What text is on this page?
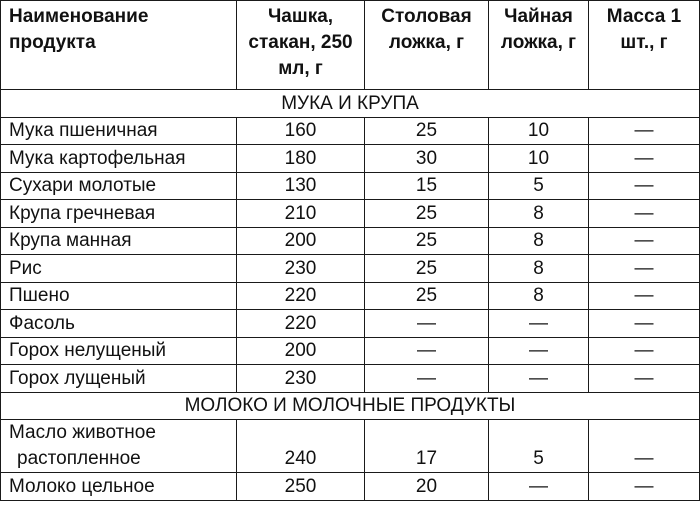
Наименование продукта	Чашка, стакан, 250 мл, г	Столовая ложка, г	Чайная ложка, г	Масса 1 шт., г
МУКА И КРУПА				
Мука пшеничная	160	25	10	—
Мука картофельная	180	30	10	—
Сухари молотые	130	15	5	—
Крупа гречневая	210	25	8	—
Крупа манная	200	25	8	—
Рис	230	25	8	—
Пшено	220	25	8	—
Фасоль	220	—	—	—
Горох нелущеный	200	—	—	—
Горох лущеный	230	—	—	—
МОЛОКО И МОЛОЧНЫЕ ПРОДУКТЫ				
Масло животное
растопленное	240	17	5	—
Молоко цельное	250	20	—	—
